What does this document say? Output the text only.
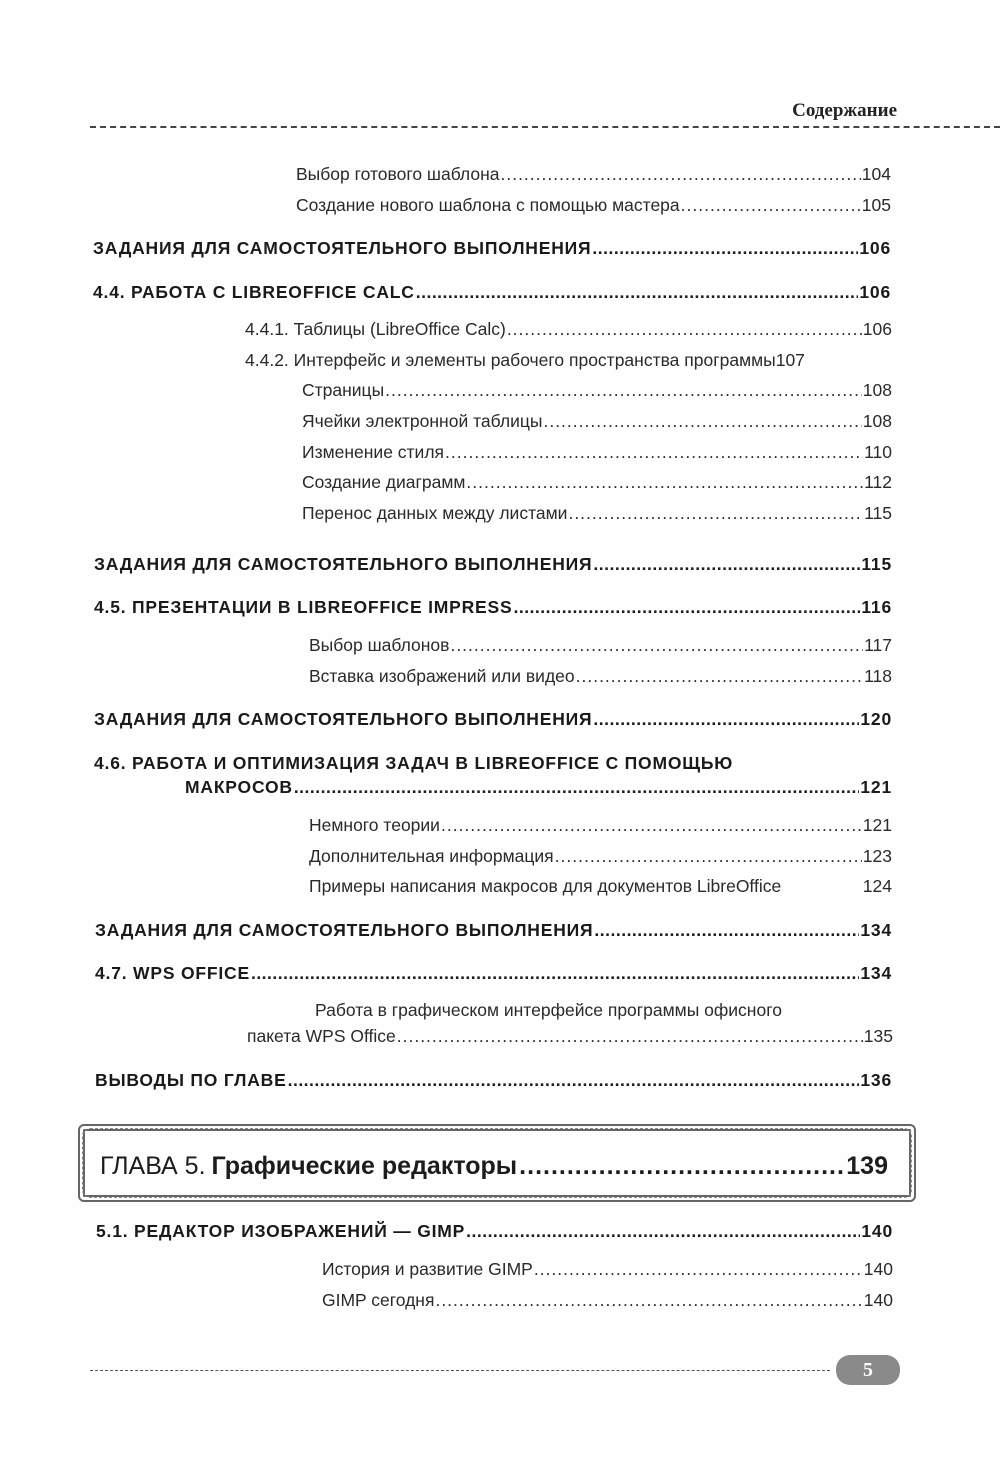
Содержание
Выбор готового шаблона .....	104
Создание нового шаблона с помощью мастера .....	105
ЗАДАНИЯ ДЛЯ САМОСТОЯТЕЛЬНОГО ВЫПОЛНЕНИЯ .....	106
4.4. РАБОТА С LIBREOFFICE CALC .....	106
4.4.1. Таблицы (LibreOffice Calc) .....	106
4.4.2. Интерфейс и элементы рабочего пространства программы 107
Страницы .....	108
Ячейки электронной таблицы .....	108
Изменение стиля .....	110
Создание диаграмм .....	112
Перенос данных между листами .....	115
ЗАДАНИЯ ДЛЯ САМОСТОЯТЕЛЬНОГО ВЫПОЛНЕНИЯ .....	115
4.5. ПРЕЗЕНТАЦИИ В LIBREOFFICE IMPRESS .....	116
Выбор шаблонов .....	117
Вставка изображений или видео .....	118
ЗАДАНИЯ ДЛЯ САМОСТОЯТЕЛЬНОГО ВЫПОЛНЕНИЯ .....	120
4.6. РАБОТА И ОПТИМИЗАЦИЯ ЗАДАЧ В LIBREOFFICE С ПОМОЩЬЮ
МАКРОСОВ .....	121
Немного теории .....	121
Дополнительная информация .....	123
Примеры написания макросов для документов LibreOffice	124
ЗАДАНИЯ ДЛЯ САМОСТОЯТЕЛЬНОГО ВЫПОЛНЕНИЯ .....	134
4.7. WPS OFFICE .....	134
Работа в графическом интерфейсе программы офисного
пакета WPS Office .....	135
ВЫВОДЫ ПО ГЛАВЕ .....	136
ГЛАВА 5. Графические редакторы .....	139
5.1. РЕДАКТОР ИЗОБРАЖЕНИЙ — GIMP .....	140
История и развитие GIMP .....	140
GIMP сегодня .....	140
5
